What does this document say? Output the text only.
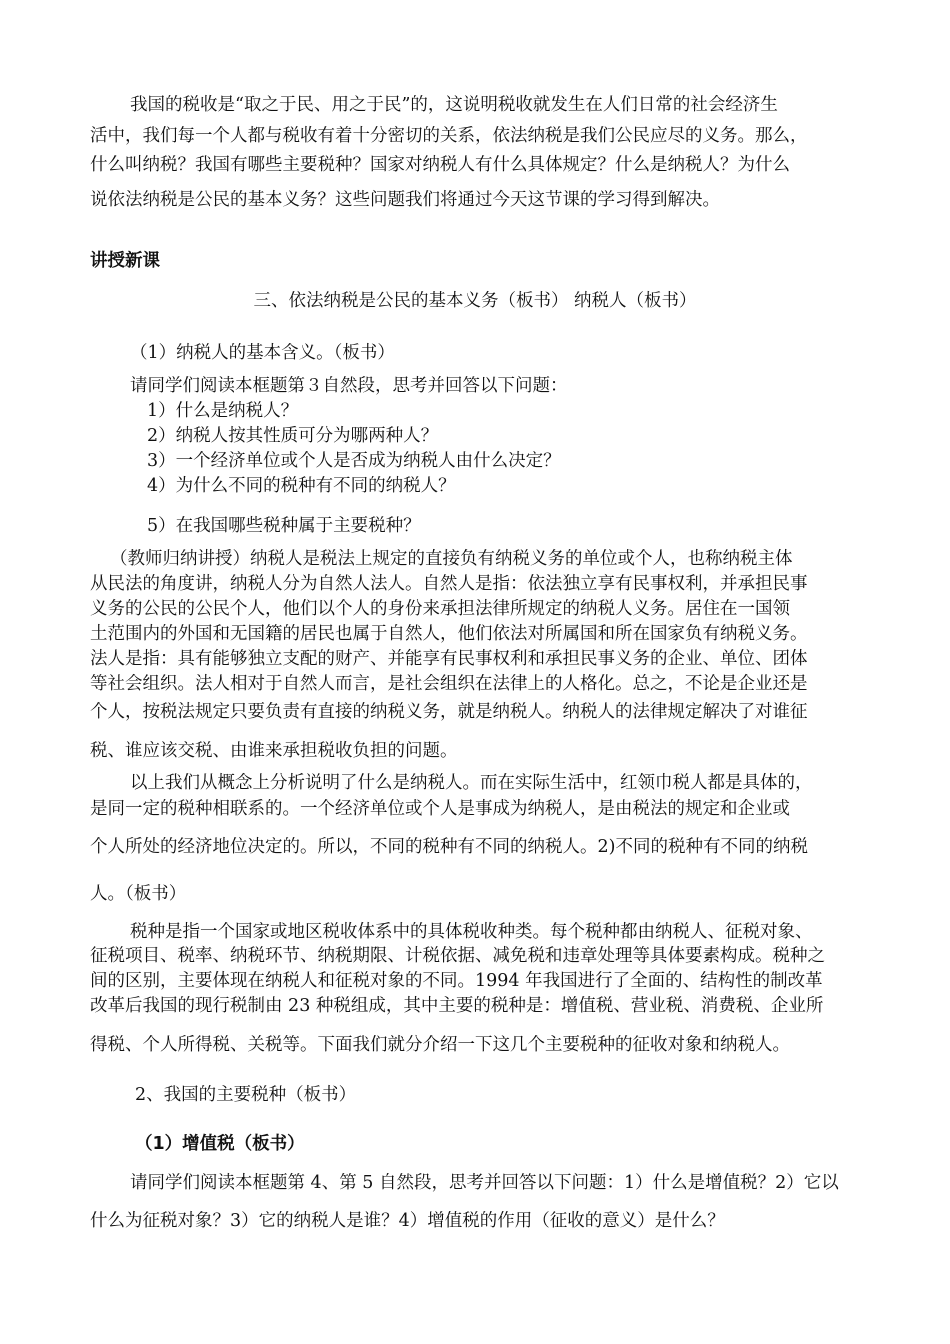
我国的税收是“取之于民、用之于民”的，这说明税收就发生在人们日常的社会经济生
活中，我们每一个人都与税收有着十分密切的关系，依法纳税是我们公民应尽的义务。那么，
什么叫纳税？我国有哪些主要税种？国家对纳税人有什么具体规定？什么是纳税人？为什么
说依法纳税是公民的基本义务？这些问题我们将通过今天这节课的学习得到解决。
讲授新课
三、依法纳税是公民的基本义务（板书） 纳税人（板书）
（1）纳税人的基本含义。（板书）
请同学们阅读本框题第３自然段，思考并回答以下问题：
1）什么是纳税人？
2）纳税人按其性质可分为哪两种人？
3）一个经济单位或个人是否成为纳税人由什么决定？
4）为什么不同的税种有不同的纳税人？
5）在我国哪些税种属于主要税种？
（教师归纳讲授）纳税人是税法上规定的直接负有纳税义务的单位或个人，也称纳税主体
从民法的角度讲，纳税人分为自然人法人。自然人是指：依法独立享有民事权利，并承担民事
义务的公民的公民个人，他们以个人的身份来承担法律所规定的纳税人义务。居住在一国领
土范围内的外国和无国籍的居民也属于自然人，他们依法对所属国和所在国家负有纳税义务。
法人是指：具有能够独立支配的财产、并能享有民事权利和承担民事义务的企业、单位、团体
等社会组织。法人相对于自然人而言，是社会组织在法律上的人格化。总之，不论是企业还是
个人，按税法规定只要负责有直接的纳税义务，就是纳税人。纳税人的法律规定解决了对谁征
税、谁应该交税、由谁来承担税收负担的问题。
以上我们从概念上分析说明了什么是纳税人。而在实际生活中，红领巾税人都是具体的，
是同一定的税种相联系的。一个经济单位或个人是事成为纳税人，是由税法的规定和企业或
个人所处的经济地位决定的。所以，不同的税种有不同的纳税人。2)不同的税种有不同的纳税
人。（板书）
税种是指一个国家或地区税收体系中的具体税收种类。每个税种都由纳税人、征税对象、
征税项目、税率、纳税环节、纳税期限、计税依据、减免税和违章处理等具体要素构成。税种之
间的区别，主要体现在纳税人和征税对象的不同。1994 年我国进行了全面的、结构性的制改革
改革后我国的现行税制由 23 种税组成，其中主要的税种是：增值税、营业税、消费税、企业所
得税、个人所得税、关税等。下面我们就分介绍一下这几个主要税种的征收对象和纳税人。
2、我国的主要税种（板书）
（1）增值税（板书）
请同学们阅读本框题第 4、第 5 自然段，思考并回答以下问题：1）什么是增值税？2）它以
什么为征税对象？3）它的纳税人是谁？4）增值税的作用（征收的意义）是什么？
